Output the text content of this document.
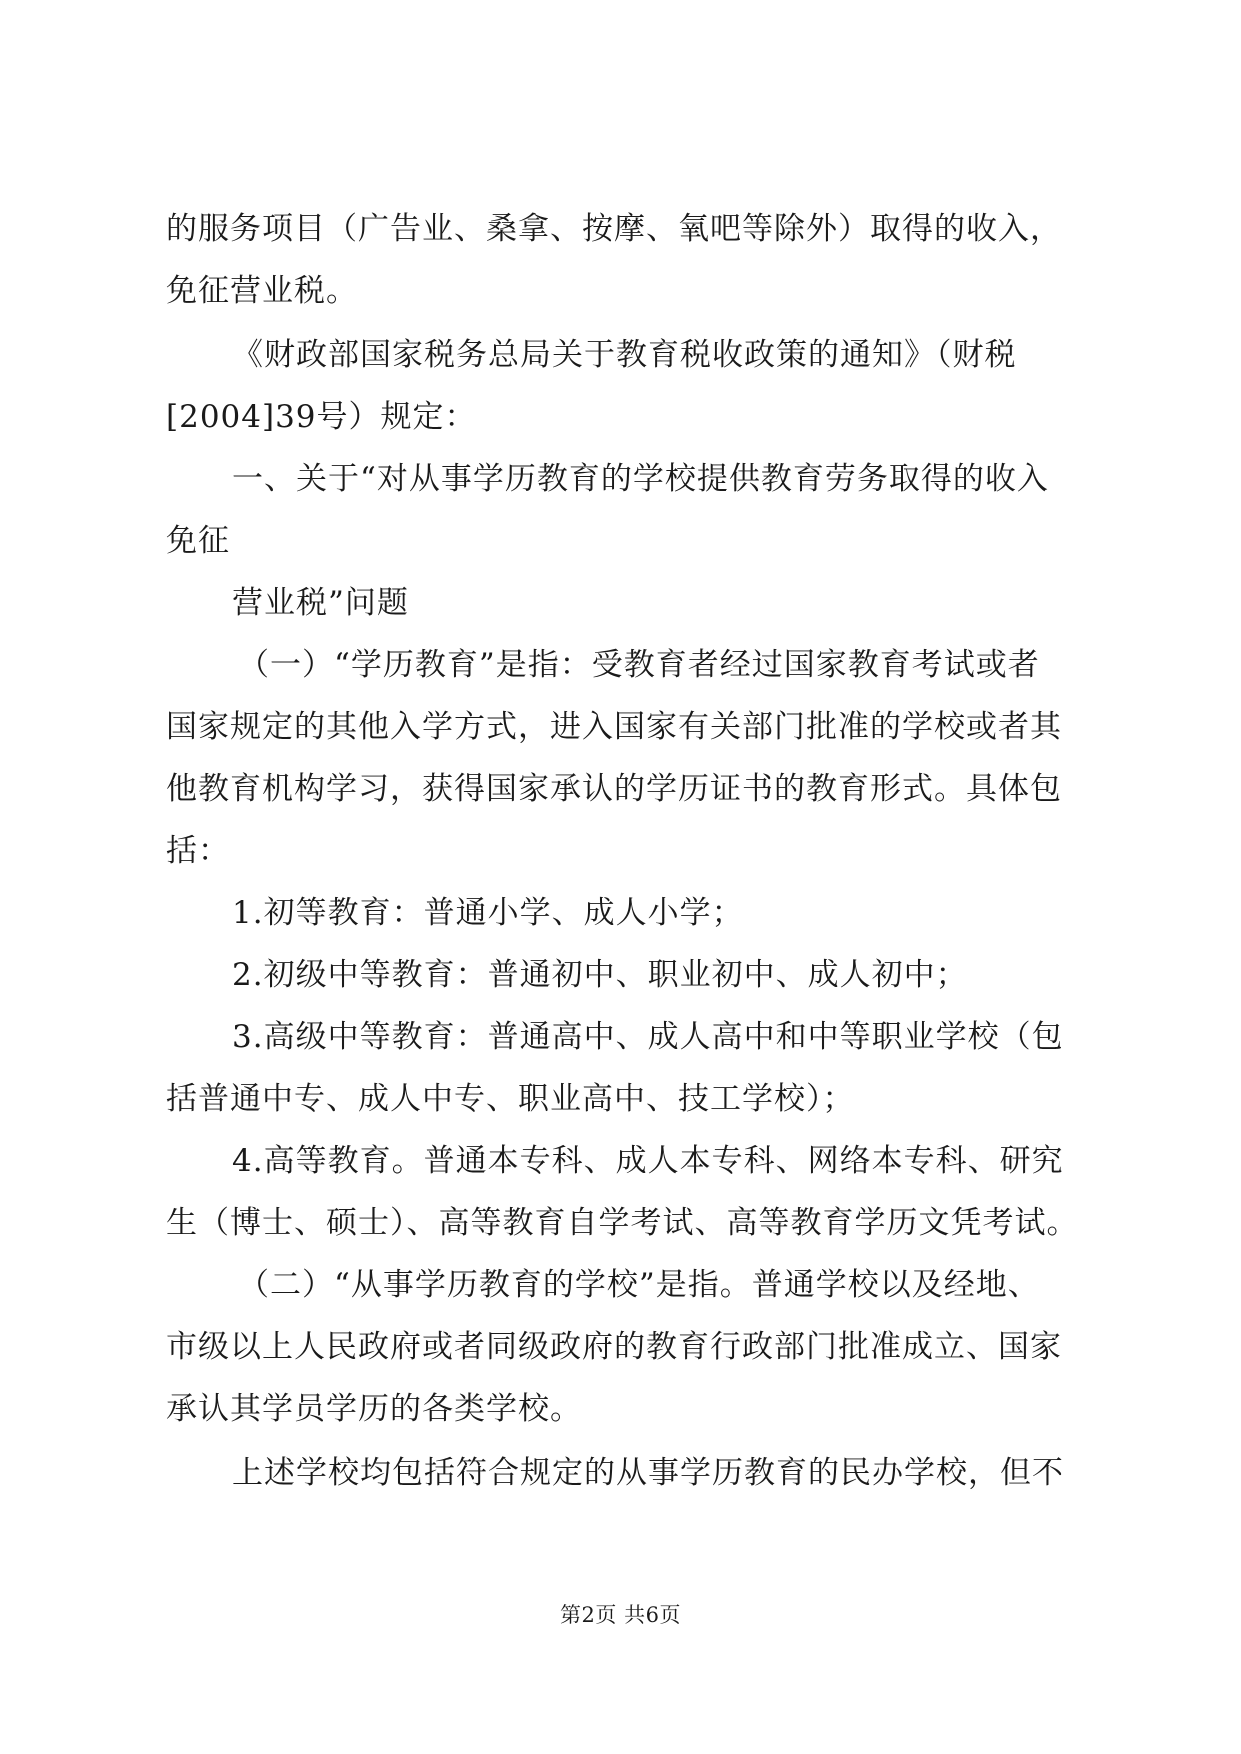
的服务项目（广告业、桑拿、按摩、氧吧等除外）取得的收入，
免征营业税。
《财政部国家税务总局关于教育税收政策的通知》（财税
[2004]39号）规定：
一、关于“对从事学历教育的学校提供教育劳务取得的收入
免征
营业税”问题
（一）“学历教育”是指：受教育者经过国家教育考试或者
国家规定的其他入学方式，进入国家有关部门批准的学校或者其
他教育机构学习，获得国家承认的学历证书的教育形式。具体包
括：
1.初等教育：普通小学、成人小学；
2.初级中等教育：普通初中、职业初中、成人初中；
3.高级中等教育：普通高中、成人高中和中等职业学校（包
括普通中专、成人中专、职业高中、技工学校）；
4.高等教育。普通本专科、成人本专科、网络本专科、研究
生（博士、硕士）、高等教育自学考试、高等教育学历文凭考试。
（二）“从事学历教育的学校”是指。普通学校以及经地、
市级以上人民政府或者同级政府的教育行政部门批准成立、国家
承认其学员学历的各类学校。
上述学校均包括符合规定的从事学历教育的民办学校，但不
第2页 共6页
